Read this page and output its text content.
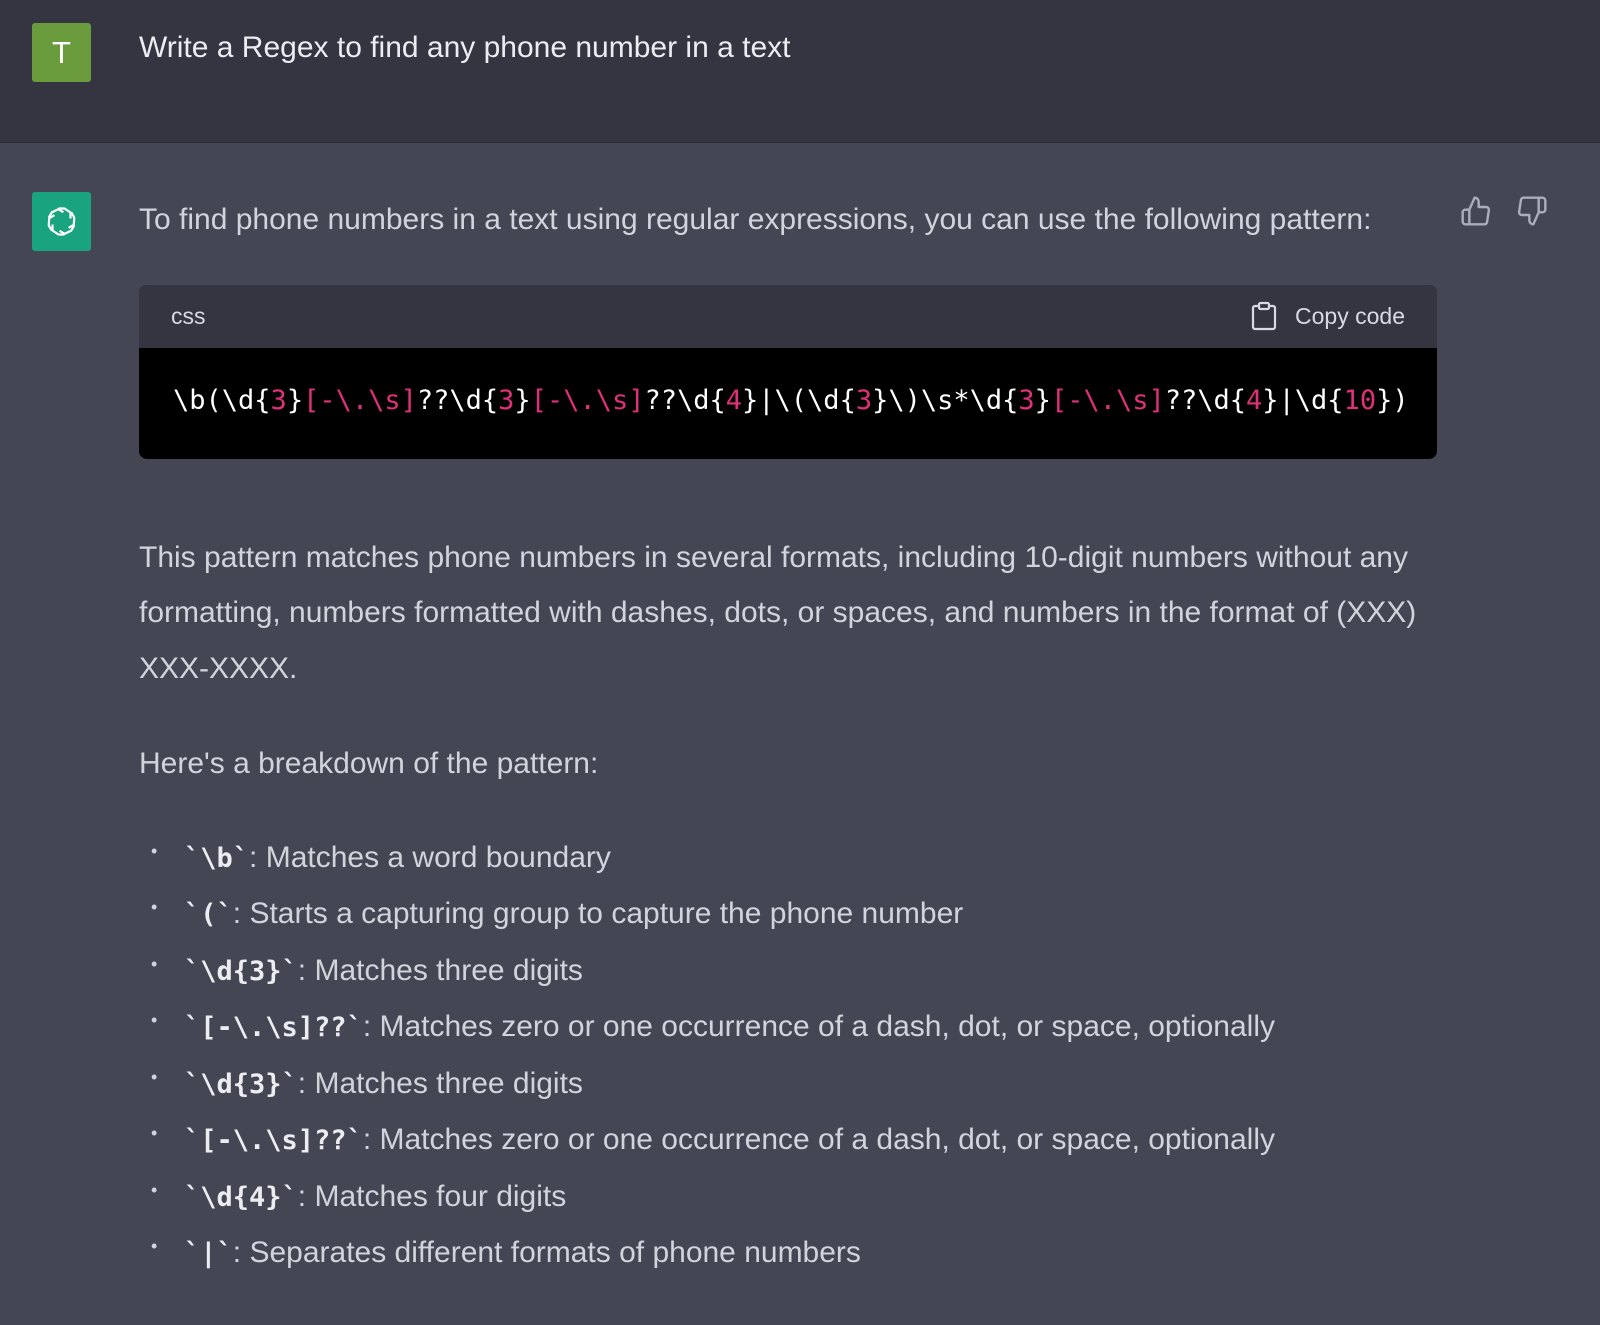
T	Write a Regex to find any phone number in a text

To find phone numbers in a text using regular expressions, you can use the following pattern:

css	Copy code
\b(\d{3}[-\.\s]??\d{3}[-\.\s]??\d{4}|\(\d{3}\)\s*\d{3}[-\.\s]??\d{4}|\d{10})

This pattern matches phone numbers in several formats, including 10-digit numbers without any formatting, numbers formatted with dashes, dots, or spaces, and numbers in the format of (XXX) XXX-XXXX.

Here's a breakdown of the pattern:

• `\b`: Matches a word boundary
• `(`: Starts a capturing group to capture the phone number
• `\d{3}`: Matches three digits
• `[-\.\s]??`: Matches zero or one occurrence of a dash, dot, or space, optionally
• `\d{3}`: Matches three digits
• `[-\.\s]??`: Matches zero or one occurrence of a dash, dot, or space, optionally
• `\d{4}`: Matches four digits
• `|`: Separates different formats of phone numbers
